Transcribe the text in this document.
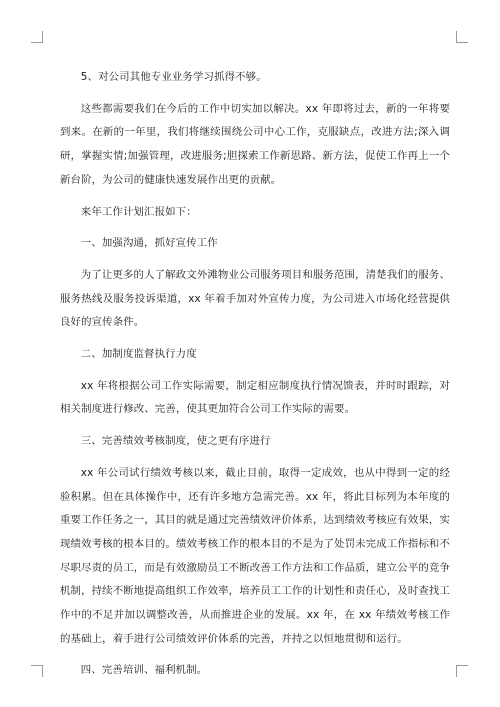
5、对公司其他专业业务学习抓得不够。

这些都需要我们在今后的工作中切实加以解决。xx 年即将过去，新的一年将要到来。在新的一年里，我们将继续围绕公司中心工作，克服缺点，改进方法;深入调研，掌握实情;加强管理，改进服务;胆探索工作新思路、新方法，促使工作再上一个新台阶，为公司的健康快速发展作出更的贡献。

来年工作计划汇报如下：

一、加强沟通，抓好宣传工作

为了让更多的人了解政文外滩物业公司服务项目和服务范围，清楚我们的服务、服务热线及服务投诉渠道，xx 年着手加对外宣传力度，为公司进入市场化经营提供良好的宣传条件。

二、加制度监督执行力度

xx 年将根据公司工作实际需要，制定相应制度执行情况馈表，并时时跟踪，对相关制度进行修改、完善，使其更加符合公司工作实际的需要。

三、完善绩效考核制度，使之更有序进行

xx 年公司试行绩效考核以来，截止目前，取得一定成效，也从中得到一定的经验积累。但在具体操作中，还有许多地方急需完善。xx 年，将此目标列为本年度的重要工作任务之一，其目的就是通过完善绩效评价体系，达到绩效考核应有效果，实现绩效考核的根本目的。绩效考核工作的根本目的不是为了处罚未完成工作指标和不尽职尽责的员工，而是有效激励员工不断改善工作方法和工作品质，建立公平的竞争机制，持续不断地提高组织工作效率，培养员工工作的计划性和责任心，及时查找工作中的不足并加以调整改善，从而推进企业的发展。xx 年，在 xx 年绩效考核工作的基础上，着手进行公司绩效评价体系的完善，并持之以恒地贯彻和运行。

四、完善培训、福利机制。
